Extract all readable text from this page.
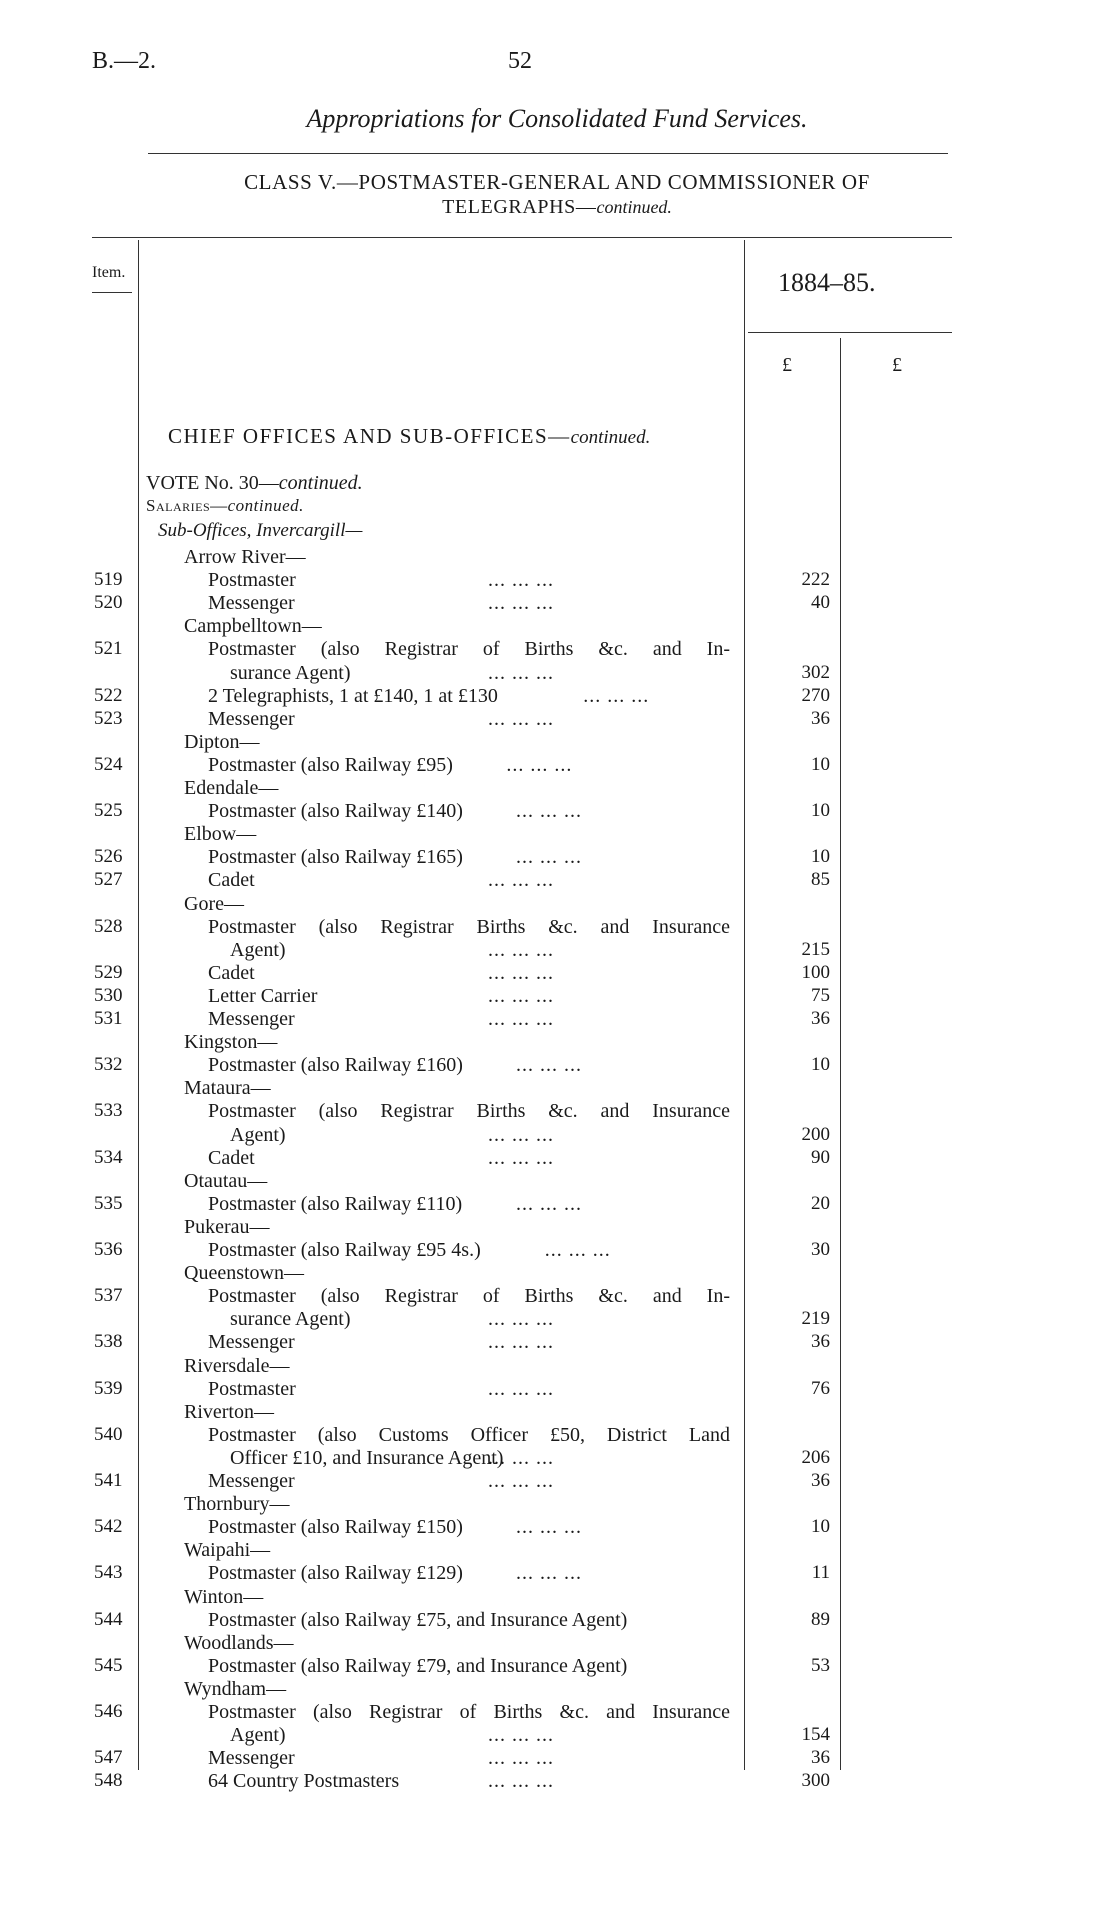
B.—2.	52
Appropriations for Consolidated Fund Services.
CLASS V.—POSTMASTER-GENERAL AND COMMISSIONER OF
TELEGRAPHS—continued.
Item.	1884–85.
£	£
CHIEF OFFICES AND SUB-OFFICES—continued.
VOTE No. 30—continued.
Salaries—continued.
Sub-Offices, Invercargill—
Arrow River—
519	Postmaster	... ... ...	222
520	Messenger	... ... ...	40
Campbelltown—
521	Postmaster (also Registrar of Births &c. and In-
surance Agent)	... ... ...	302
522	2 Telegraphists, 1 at £140, 1 at £130	... ... ...	270
523	Messenger	... ... ...	36
Dipton—
524	Postmaster (also Railway £95)	... ... ...	10
Edendale—
525	Postmaster (also Railway £140)	... ... ...	10
Elbow—
526	Postmaster (also Railway £165)	... ... ...	10
527	Cadet	... ... ...	85
Gore—
528	Postmaster (also Registrar Births &c. and Insurance
Agent)	... ... ...	215
529	Cadet	... ... ...	100
530	Letter Carrier	... ... ...	75
531	Messenger	... ... ...	36
Kingston—
532	Postmaster (also Railway £160)	... ... ...	10
Mataura—
533	Postmaster (also Registrar Births &c. and Insurance
Agent)	... ... ...	200
534	Cadet	... ... ...	90
Otautau—
535	Postmaster (also Railway £110)	... ... ...	20
Pukerau—
536	Postmaster (also Railway £95 4s.)	... ... ...	30
Queenstown—
537	Postmaster (also Registrar of Births &c. and In-
surance Agent)	... ... ...	219
538	Messenger	... ... ...	36
Riversdale—
539	Postmaster	... ... ...	76
Riverton—
540	Postmaster (also Customs Officer £50, District Land
Officer £10, and Insurance Agent)
... ... ...	206
541	Messenger	... ... ...	36
Thornbury—
542	Postmaster (also Railway £150)	... ... ...	10
Waipahi—
543	Postmaster (also Railway £129)	... ... ...	11
Winton—
544	Postmaster (also Railway £75, and Insurance Agent)	89
Woodlands—
545	Postmaster (also Railway £79, and Insurance Agent)	53
Wyndham—
546	Postmaster (also Registrar of Births &c. and Insurance
Agent)	... ... ...	154
547	Messenger	... ... ...	36
548	64 Country Postmasters	... ... ...	300
